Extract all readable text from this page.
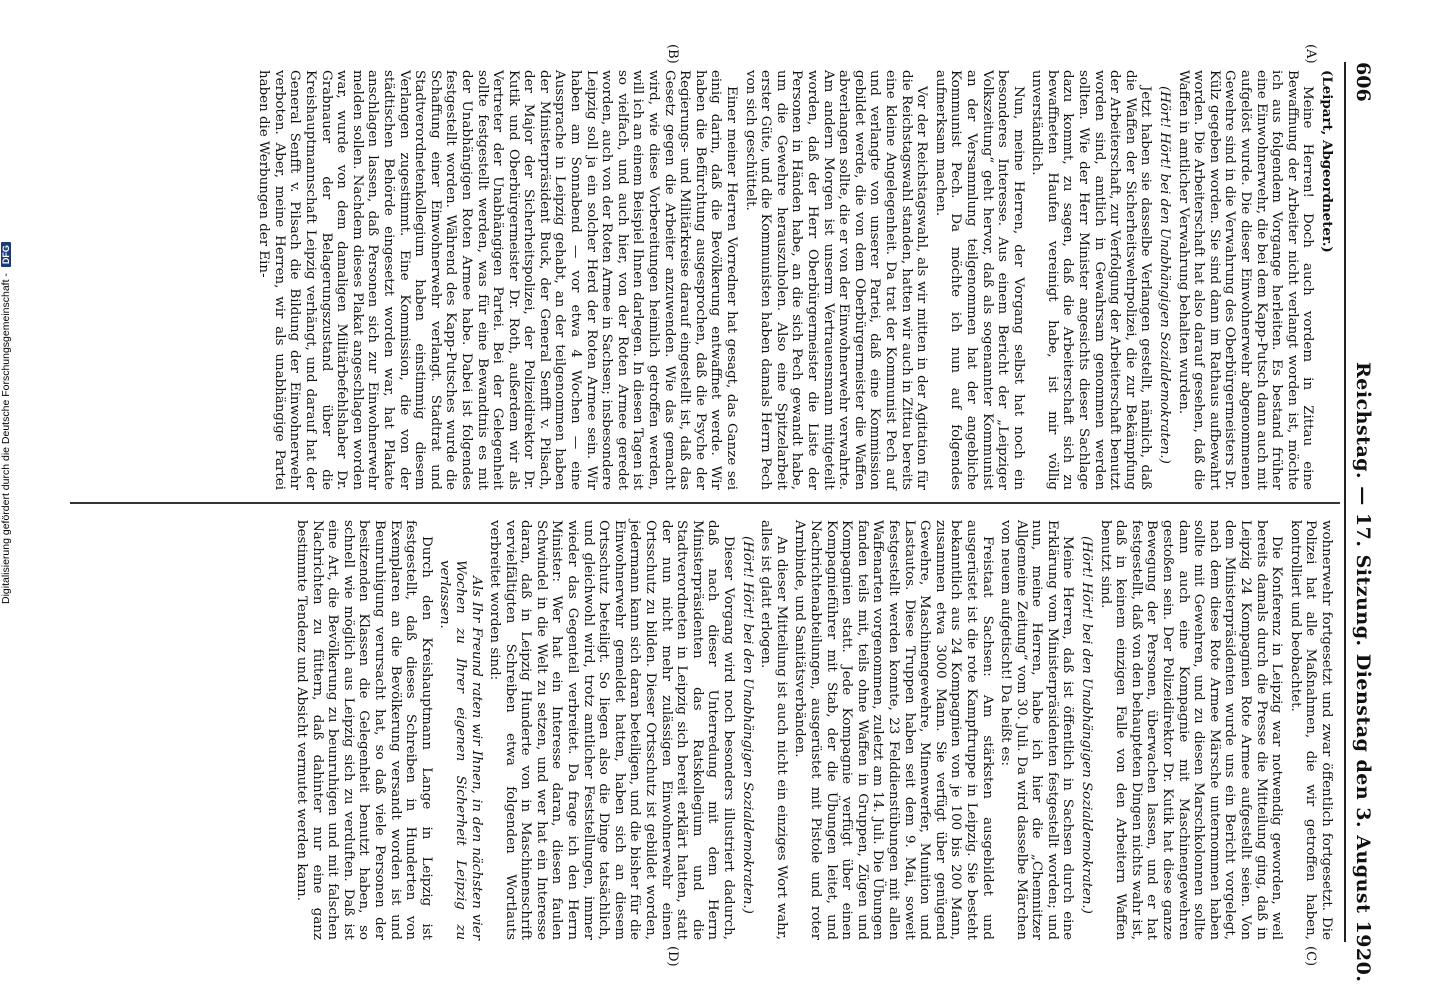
606
Reichstag. — 17. Sitzung. Dienstag den 3. August 1920.
(A)
(B)
(C)
(D)

(Leipart, Abgeordneter.)

Meine Herren! Doch auch vordem in Zittau eine Bewaffnung der Arbeiter nicht verlangt worden ist, möchte ich aus folgendem Vorgange herleiten. Es bestand früher eine Einwohnerwehr, die bei dem Kapp-Putsch dann auch mit aufgelöst wurde. Die dieser Einwohnerwehr abgenommenen Gewehre sind in die Verwahrung des Oberbürgermeisters Dr. Külz gegeben worden. Sie sind dann im Rathaus aufbewahrt worden. Die Arbeiterschaft hat also darauf gesehen, daß die Waffen in amtlicher Verwahrung behalten wurden.

(Hört! Hört! bei den Unabhängigen Sozialdemokraten.)

Jetzt haben sie dasselbe Verlangen gestellt, nämlich, daß die Waffen der Sicherheitswehrpolizei, die zur Bekämpfung der Arbeiterschaft, zur Verfolgung der Arbeiterschaft benutzt worden sind, amtlich in Gewahrsam genommen werden sollten. Wie der Herr Minister angesichts dieser Sachlage dazu kommt, zu sagen, daß die Arbeiterschaft sich zu bewaffneten Haufen vereinigt habe, ist mir völlig unverständlich.

Nun, meine Herren, der Vorgang selbst hat noch ein besonderes Interesse. Aus einem Bericht der „Leipziger Volkszeitung“ geht hervor, daß als sogenannter Kommunist an der Versammlung teilgenommen hat der angebliche Kommunist Pech. Da möchte ich nun auf folgendes aufmerksam machen.

Vor der Reichstagswahl, als wir mitten in der Agitation für die Reichstagswahl standen, hatten wir auch in Zittau bereits eine kleine Angelegenheit. Da trat der Kommunist Pech auf und verlangte von unserer Partei, daß eine Kommission gebildet werde, die von dem Oberbürgermeister die Waffen abverlangen sollte, die er von der Einwohnerwehr verwahrte. Am andern Morgen ist unserm Vertrauensmann mitgeteilt worden, daß der Herr Oberbürgermeister die Liste der Personen in Händen habe, an die sich Pech gewandt habe, um die Gewehre herauszuholen. Also eine Spitzelarbeit erster Güte, und die Kommunisten haben damals Herrn Pech von sich geschüttelt.

Einer meiner Herren Vorredner hat gesagt, das Ganze sei einig darin, daß die Bevölkerung entwaffnet werde. Wir haben die Befürchtung ausgesprochen, daß die Psyche der Regierungs- und Militärkreise darauf eingestellt ist, daß das Gesetz gegen die Arbeiter anzuwenden. Wie das gemacht wird, wie diese Vorbereitungen heimlich getroffen werden, will ich an einem Beispiel Ihnen darlegen. In diesen Tagen ist so vielfach, und auch hier, von der Roten Armee geredet worden, auch von der Roten Armee in Sachsen; insbesondere Leipzig soll ja ein solcher Herd der Roten Armee sein. Wir haben am Sonnabend — vor etwa 4 Wochen — eine Aussprache in Leipzig gehabt, an der teilgenommen haben der Ministerpräsident Buck, der General Senfft v. Pilsach, der Major der Sicherheitspolizei, der Polizeidirektor Dr. Kutik und Oberbürgermeister Dr. Roth, außerdem wir als Vertreter der Unabhängigen Partei. Bei der Gelegenheit sollte festgestellt werden, was für eine Bewandtnis es mit der Unabhängigen Roten Armee habe. Dabei ist folgendes festgestellt worden. Während des Kapp-Putsches wurde die Schaffung einer Einwohnerwehr verlangt. Stadtrat und Stadtverordnetenkollegium haben einstimmig diesem Verlangen zugestimmt. Eine Kommission, die von der städtischen Behörde eingesetzt worden war, hat Plakate anschlagen lassen, daß Personen sich zur Einwohnerwehr melden sollen. Nachdem dieses Plakat angeschlagen worden war, wurde von dem damaligen Militärbefehlshaber Dr. Grabnauer der Belagerungszustand über die Kreishauptmannschaft Leipzig verhängt, und darauf hat der General Senfft v. Pilsach die Bildung der Einwohnerwehr verboten. Aber, meine Herren, wir als unabhängige Partei haben die Werbungen der Ein-

wohnerwehr fortgesetzt und zwar öffentlich fortgesetzt. Die Polizei hat alle Maßnahmen, die wir getroffen haben, kontrolliert und beobachtet.

Die Konferenz in Leipzig war notwendig geworden, weil bereits damals durch die Presse die Mitteilung ging, daß in Leipzig 24 Kompagnien Rote Armee aufgestellt seien. Von dem Ministerpräsidenten wurde uns ein Bericht vorgelegt, nach dem diese Rote Armee Märsche unternommen haben sollte mit Gewehren, und zu diesen Marschkolonnen sollte dann auch eine Kompagnie mit Maschinengewehren gestoßen sein. Der Polizeidirektor Dr. Kutik hat diese ganze Bewegung der Personen, überwachen lassen, und er hat festgestellt, daß von den behaupteten Dingen nichts wahr ist, daß in keinem einzigen Falle von den Arbeitern Waffen benutzt sind.

(Hört! Hört! bei den Unabhängigen Sozialdemokraten.)

Meine Herren, daß ist öffentlich in Sachsen durch eine Erklärung vom Ministerpräsidenten festgestellt worden; und nun, meine Herren, habe ich hier die „Chemnitzer Allgemeine Zeitung“ vom 30. Juli. Da wird dasselbe Märchen von neuem aufgetischt! Da heißt es:

Freistaat Sachsen: Am stärksten ausgebildet und ausgerüstet ist die rote Kampftruppe in Leipzig. Sie besteht bekanntlich aus 24 Kompagnien von je 100 bis 200 Mann, zusammen etwa 3000 Mann. Sie verfügt über genügend Gewehre, Maschinengewehre, Minenwerfer, Munition und Lastautos. Diese Truppen haben seit dem 9. Mai, soweit festgestellt werden konnte, 23 Felddienstübungen mit allen Waffenarten vorgenommen, zuletzt am 14. Juli. Die Übungen fanden teils mit, teils ohne Waffen in Gruppen, Zügen und Kompagnien statt. Jede Kompagnie verfügt über einen Kompagnieführer mit Stab, der die Übungen leitet, und Nachrichtenabteilungen, ausgerüstet mit Pistole und roter Armbinde, und Sanitätsverbänden.

An dieser Mitteilung ist auch nicht ein einziges Wort wahr, alles ist glatt erlogen.

(Hört! Hört! bei den Unabhängigen Sozialdemokraten.)

Dieser Vorgang wird noch besonders illustriert dadurch, daß nach dieser Unterredung mit dem Herrn Ministerpräsidenten das Ratskollegium und die Stadtverordneten in Leipzig sich bereit erklärt hatten, statt der nun nicht mehr zulässigen Einwohnerwehr einen Ortsschutz zu bilden. Dieser Ortsschutz ist gebildet worden, jedermann kann sich daran beteiligen, und die bisher für die Einwohnerwehr gemeldet hatten, haben sich an diesem Ortsschutz beteiligt. So liegen also die Dinge tatsächlich, und gleichwohl wird, trotz amtlicher Feststellungen, immer wieder das Gegenteil verbreitet. Da frage ich den Herrn Minister: Wer hat ein Interesse daran, diesen faulen Schwindel in die Welt zu setzen, und wer hat ein Interesse daran, daß in Leipzig Hunderte von in Maschinenschrift vervielfältigten Schreiben etwa folgenden Wortlauts verbreitet worden sind:

Als Ihr Freund raten wir Ihnen, in den nächsten vier Wochen zu Ihrer eigenen Sicherheit Leipzig zu verlassen.

Durch den Kreishauptmann Lange in Leipzig ist festgestellt, daß dieses Schreiben in Hunderten von Exemplaren an die Bevölkerung versandt worden ist und Beunruhigung verursacht hat, so daß viele Personen der besitzenden Klassen die Gelegenheit benutzt haben, so schnell wie möglich aus Leipzig sich zu verduften. Daß ist eine Art, die Bevölkerung zu beunruhigen und mit falschen Nachrichten zu füttern, daß dahinter nur eine ganz bestimmte Tendenz und Absicht vermutet werden kann.

Digitalisierung gefördert durch die Deutsche Forschungsgemeinschaft -DFG
